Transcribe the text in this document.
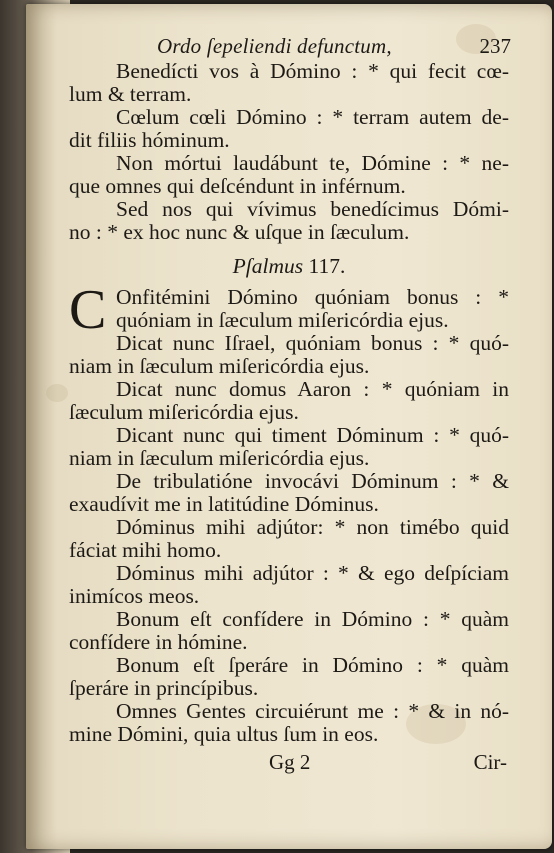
Ordo ſepeliendi defunctum,	237
Benedícti vos à Dómino : * qui fecit cœ-
lum & terram.
Cœlum cœli Dómino : * terram autem de-
dit filiis hóminum.
Non mórtui laudábunt te, Dómine : * ne-
que omnes qui deſcéndunt in inférnum.
Sed nos qui vívimus benedícimus Dómi-
no : * ex hoc nunc & uſque in ſæculum.
Pſalmus 117.
C Onfitémini Dómino quóniam bonus : *
quóniam in ſæculum miſericórdia ejus.
Dicat nunc Iſrael, quóniam bonus : * quó-
niam in ſæculum miſericórdia ejus.
Dicat nunc domus Aaron : * quóniam in
ſæculum miſericórdia ejus.
Dicant nunc qui timent Dóminum : * quó-
niam in ſæculum miſericórdia ejus.
De tribulatióne invocávi Dóminum : * &
exaudívit me in latitúdine Dóminus.
Dóminus mihi adjútor: * non timébo quid
fáciat mihi homo.
Dóminus mihi adjútor : * & ego deſpíciam
inimícos meos.
Bonum eſt confídere in Dómino : * quàm
confídere in hómine.
Bonum eſt ſperáre in Dómino : * quàm
ſperáre in princípibus.
Omnes Gentes circuiérunt me : * & in nó-
mine Dómini, quia ultus ſum in eos.
Gg 2	Cir-
